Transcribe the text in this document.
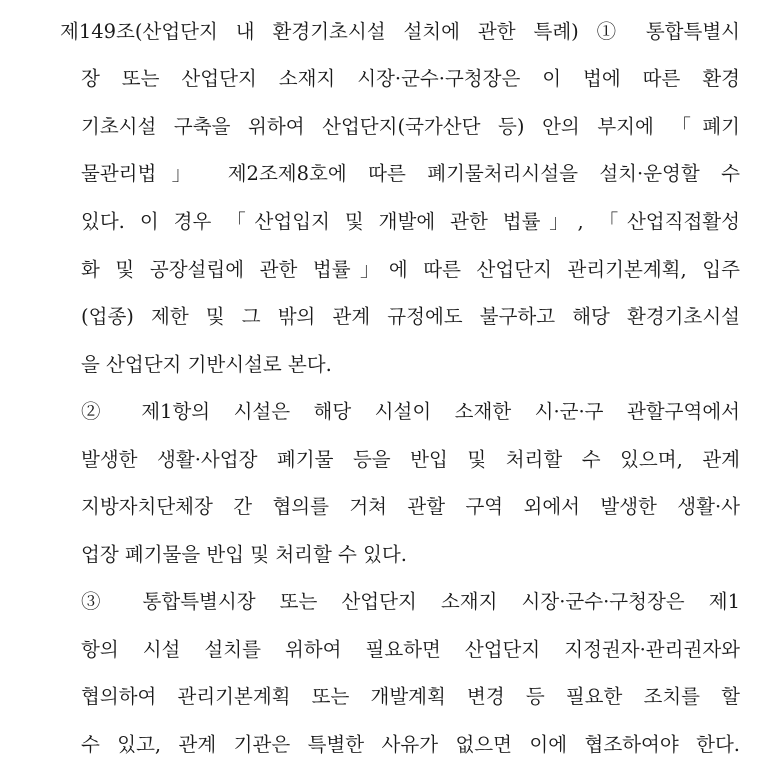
제149조(산업단지 내 환경기초시설 설치에 관한 특례) ① 통합특별시
장 또는 산업단지 소재지 시장·군수·구청장은 이 법에 따른 환경
기초시설 구축을 위하여 산업단지(국가산단 등) 안의 부지에 「폐기
물관리법」 제2조제8호에 따른 폐기물처리시설을 설치·운영할 수
있다. 이 경우 「산업입지 및 개발에 관한 법률」, 「산업직접활성
화 및 공장설립에 관한 법률」에 따른 산업단지 관리기본계획, 입주
(업종) 제한 및 그 밖의 관계 규정에도 불구하고 해당 환경기초시설
을 산업단지 기반시설로 본다.
② 제1항의 시설은 해당 시설이 소재한 시·군·구 관할구역에서
발생한 생활·사업장 폐기물 등을 반입 및 처리할 수 있으며, 관계
지방자치단체장 간 협의를 거쳐 관할 구역 외에서 발생한 생활·사
업장 폐기물을 반입 및 처리할 수 있다.
③ 통합특별시장 또는 산업단지 소재지 시장·군수·구청장은 제1
항의 시설 설치를 위하여 필요하면 산업단지 지정권자·관리권자와
협의하여 관리기본계획 또는 개발계획 변경 등 필요한 조치를 할
수 있고, 관계 기관은 특별한 사유가 없으면 이에 협조하여야 한다.
